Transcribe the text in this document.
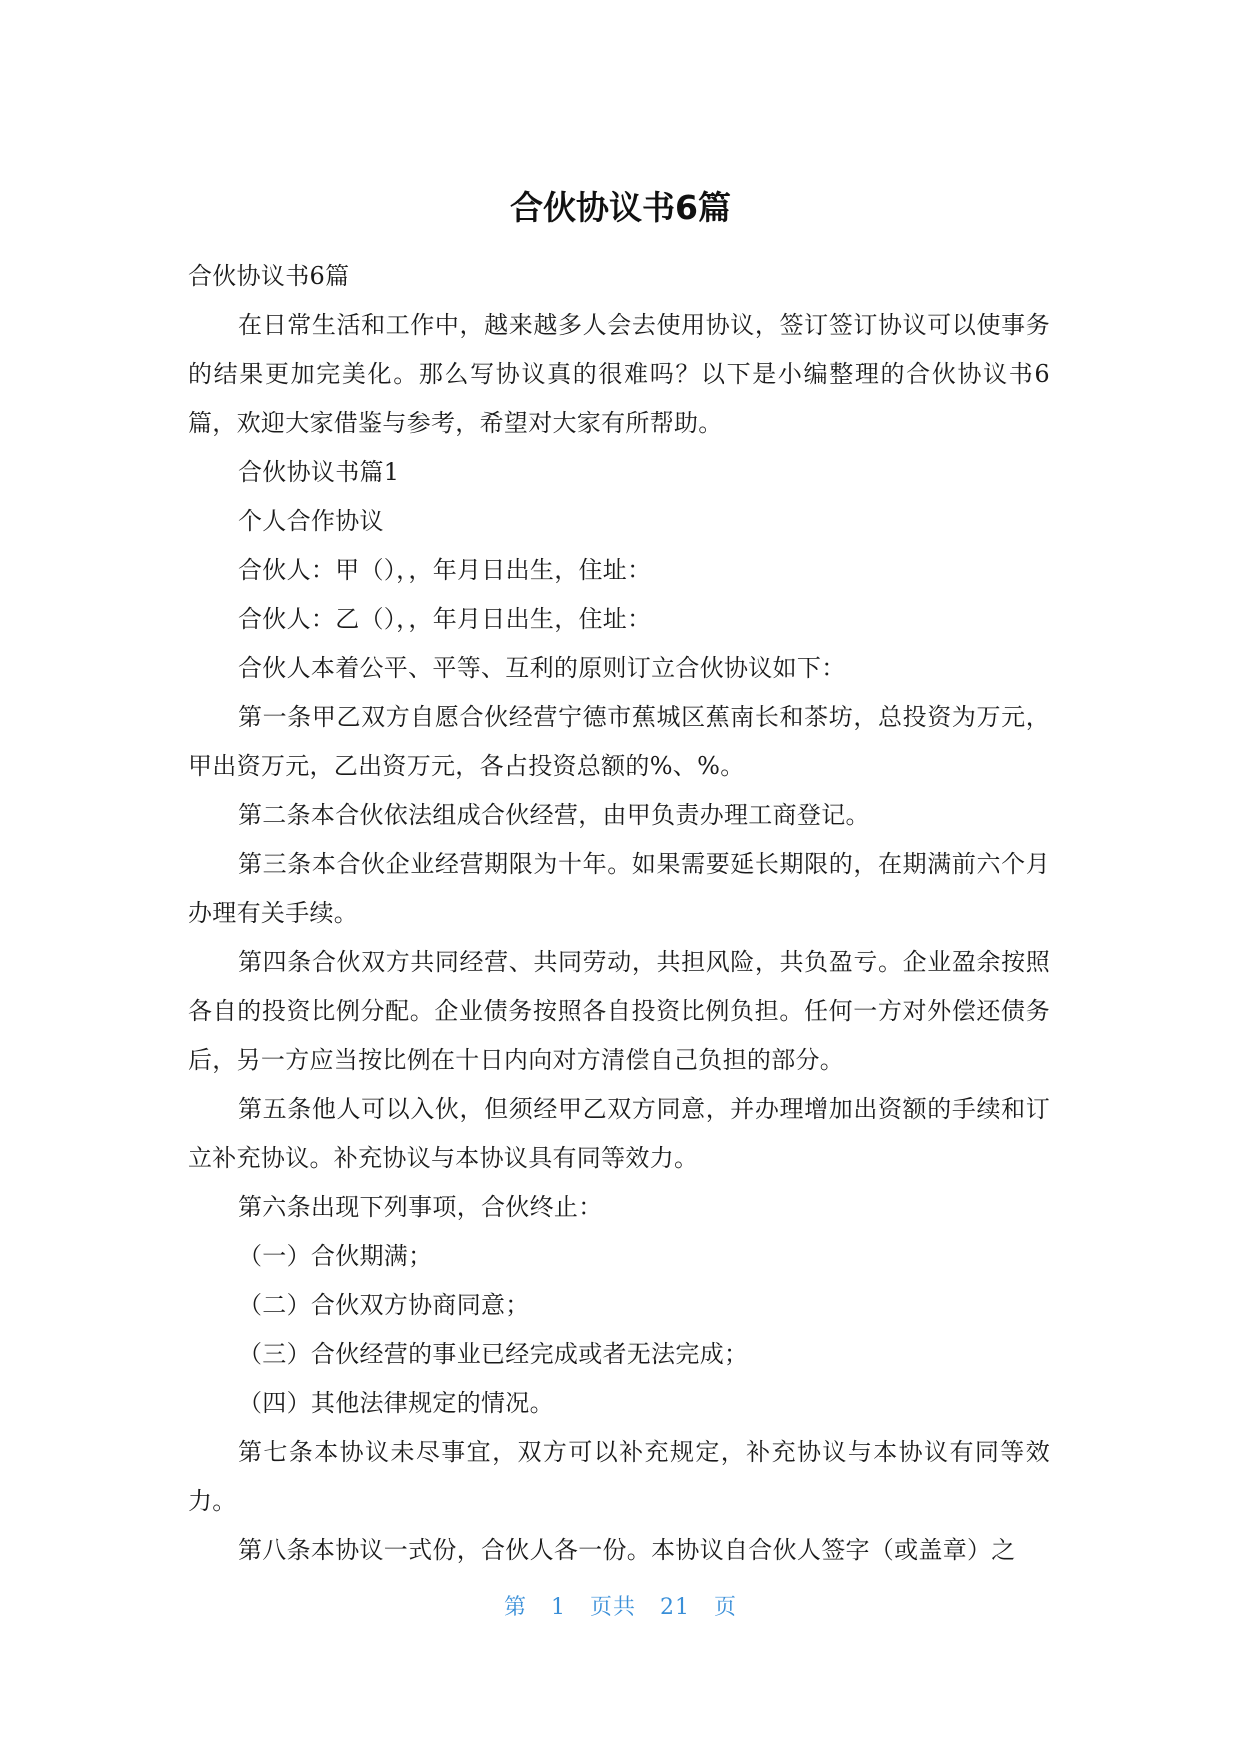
合伙协议书6篇

合伙协议书6篇

在日常生活和工作中，越来越多人会去使用协议，签订签订协议可以使事务的结果更加完美化。那么写协议真的很难吗？以下是小编整理的合伙协议书6篇，欢迎大家借鉴与参考，希望对大家有所帮助。

合伙协议书篇1

个人合作协议

合伙人：甲（），，年月日出生，住址：

合伙人：乙（），，年月日出生，住址：

合伙人本着公平、平等、互利的原则订立合伙协议如下：

第一条甲乙双方自愿合伙经营宁德市蕉城区蕉南长和茶坊，总投资为万元，甲出资万元，乙出资万元，各占投资总额的%、%。

第二条本合伙依法组成合伙经营，由甲负责办理工商登记。

第三条本合伙企业经营期限为十年。如果需要延长期限的，在期满前六个月办理有关手续。

第四条合伙双方共同经营、共同劳动，共担风险，共负盈亏。企业盈余按照各自的投资比例分配。企业债务按照各自投资比例负担。任何一方对外偿还债务后，另一方应当按比例在十日内向对方清偿自己负担的部分。

第五条他人可以入伙，但须经甲乙双方同意，并办理增加出资额的手续和订立补充协议。补充协议与本协议具有同等效力。

第六条出现下列事项，合伙终止：

（一）合伙期满；

（二）合伙双方协商同意；

（三）合伙经营的事业已经完成或者无法完成；

（四）其他法律规定的情况。

第七条本协议未尽事宜，双方可以补充规定，补充协议与本协议有同等效力。

第八条本协议一式份，合伙人各一份。本协议自合伙人签字（或盖章）之

第 1 页共 21 页
